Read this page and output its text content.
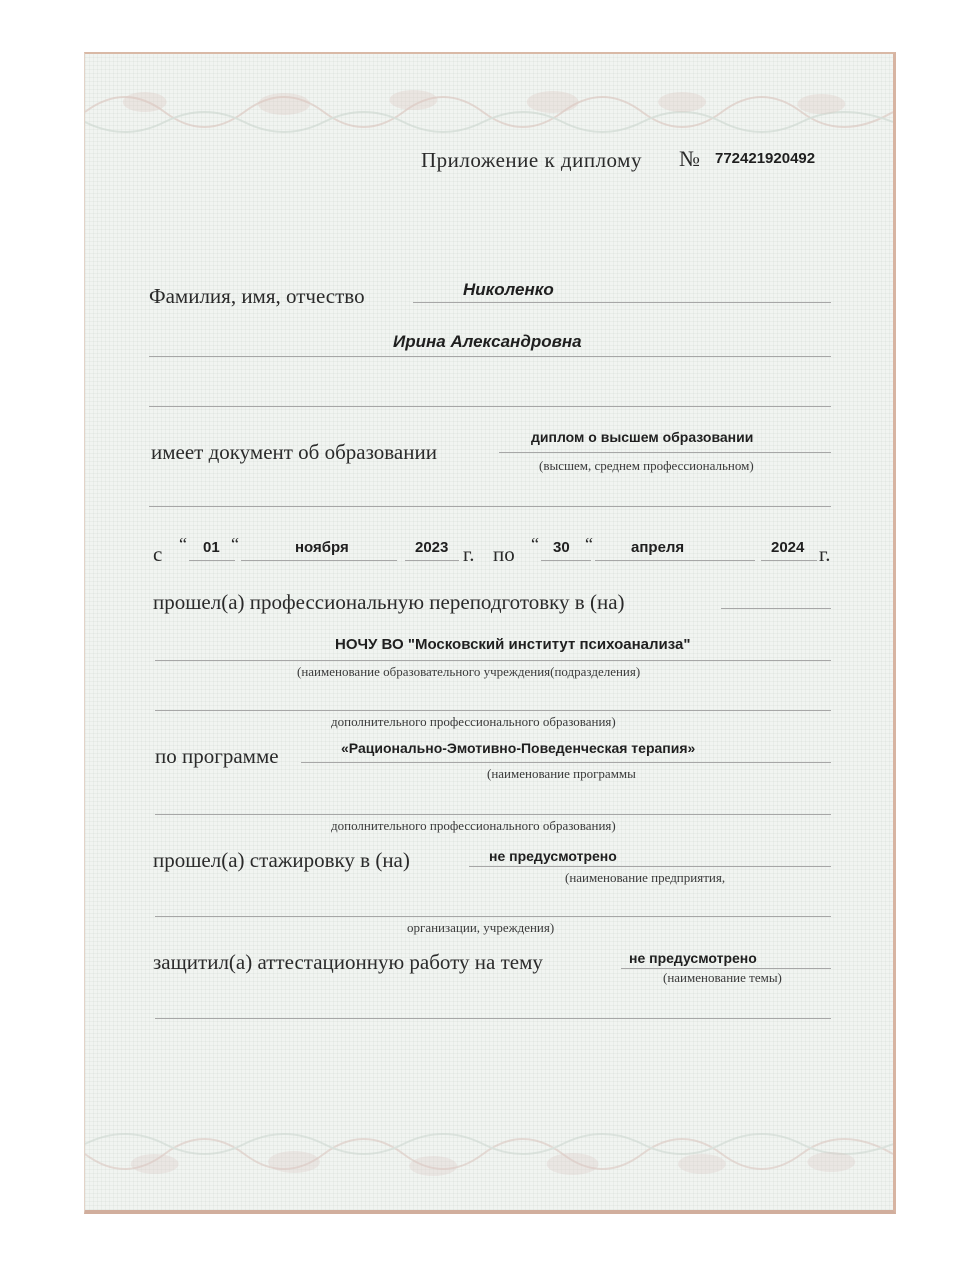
Приложение к диплому № 772421920492
Фамилия, имя, отчество	Николенко
Ирина Александровна
имеет документ об образовании
диплом о высшем образовании
(высшем, среднем профессиональном)
с “ 01 “	ноября	2023 г. по “ 30 “	апреля	2024 г.
прошел(а) профессиональную переподготовку в (на)
НОЧУ ВО "Московский институт психоанализа"
(наименование образовательного учреждения(подразделения)
дополнительного профессионального образования)
по программе	«Рационально-Эмотивно-Поведенческая терапия»
(наименование программы
дополнительного профессионального образования)
прошел(а) стажировку в (на)	не предусмотрено
(наименование предприятия,
организации, учреждения)
защитил(а) аттестационную работу на тему	не предусмотрено
(наименование темы)
